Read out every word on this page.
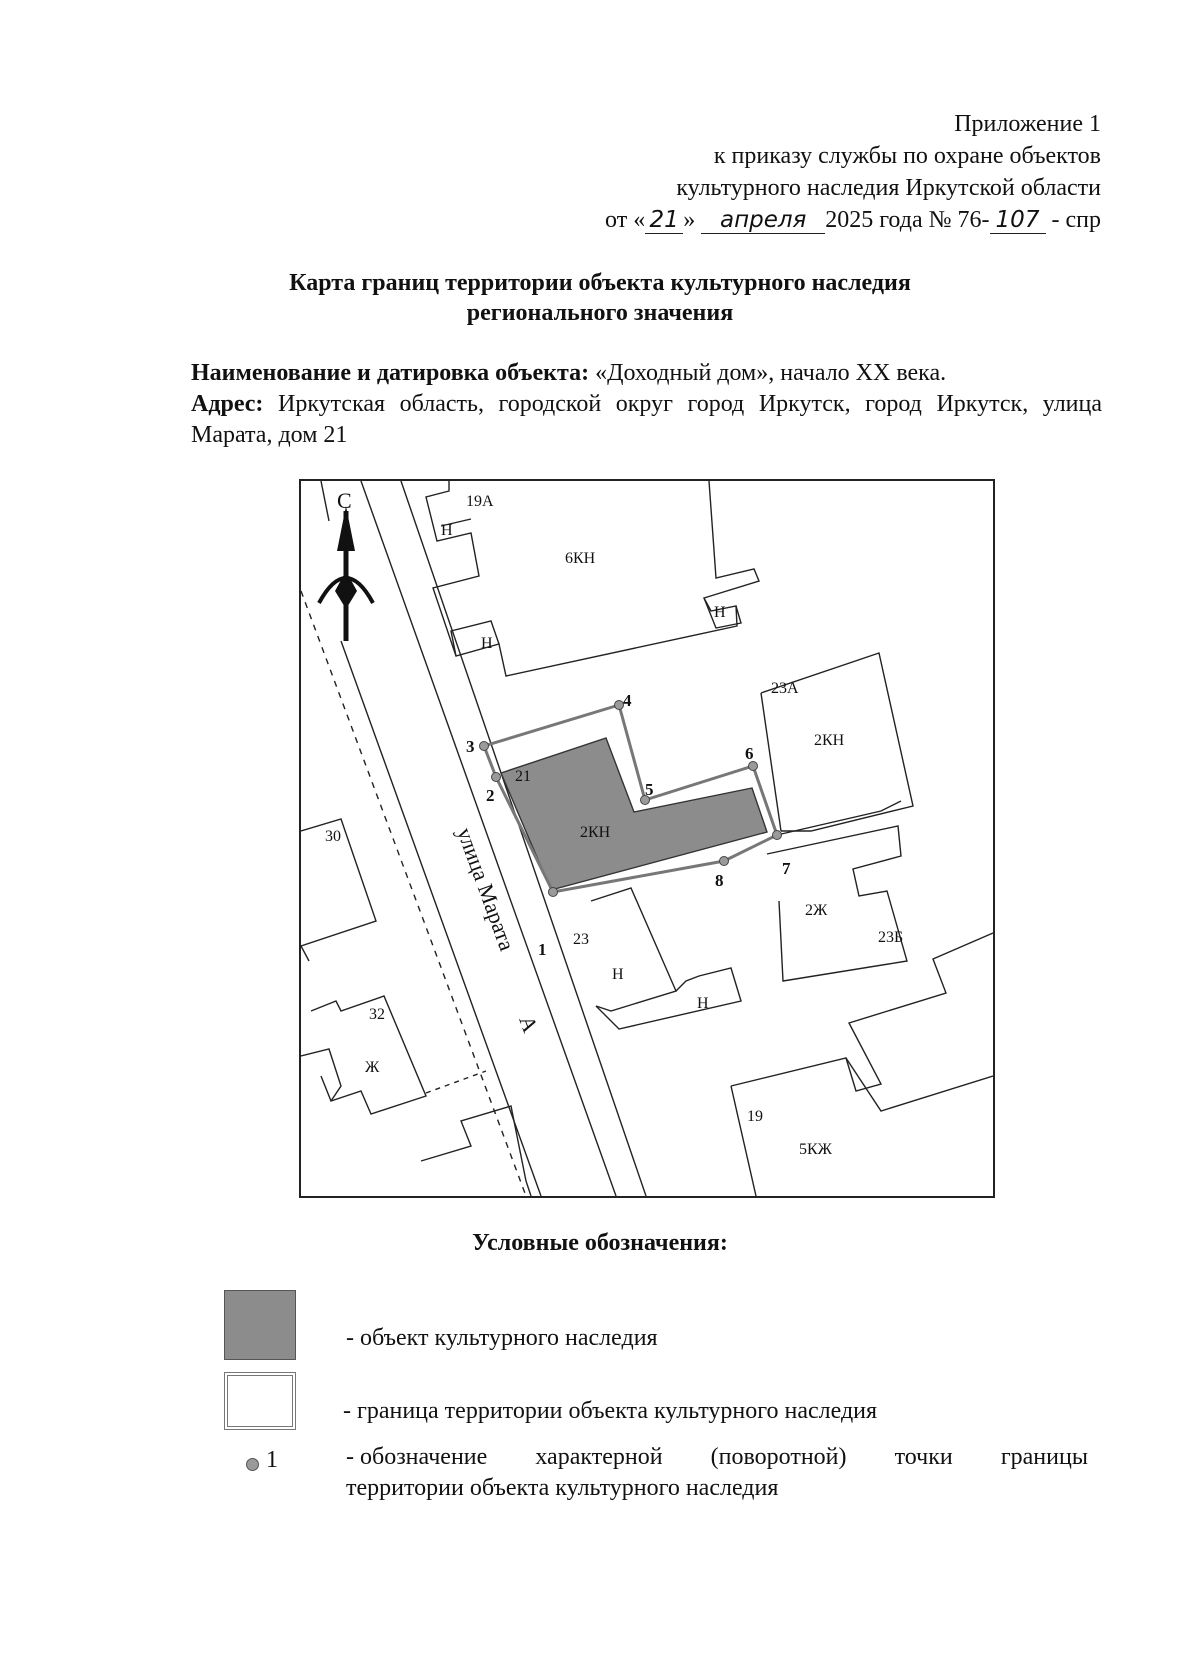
Приложение 1
к приказу службы по охране объектов
культурного наследия Иркутской области
от « 21 » апреля 2025 года № 76- 107 - спр
Карта границ территории объекта культурного наследия
регионального значения
Наименование и датировка объекта: «Доходный дом», начало XX века.
Адрес: Иркутская область, городской округ город Иркутск, город Иркутск, улица Марата, дом 21
С
улица Марата
А
19А
Н
6КН
Н
Н
23А
2КН
21
2КН
30
2Ж
23Б
23
Н
Н
32
Ж
19
5КЖ
1
2
3
4
5
6
7
8
Условные обозначения:
- объект культурного наследия
- граница территории объекта культурного наследия
1	- обозначение характерной (поворотной) точки границы
территории объекта культурного наследия
